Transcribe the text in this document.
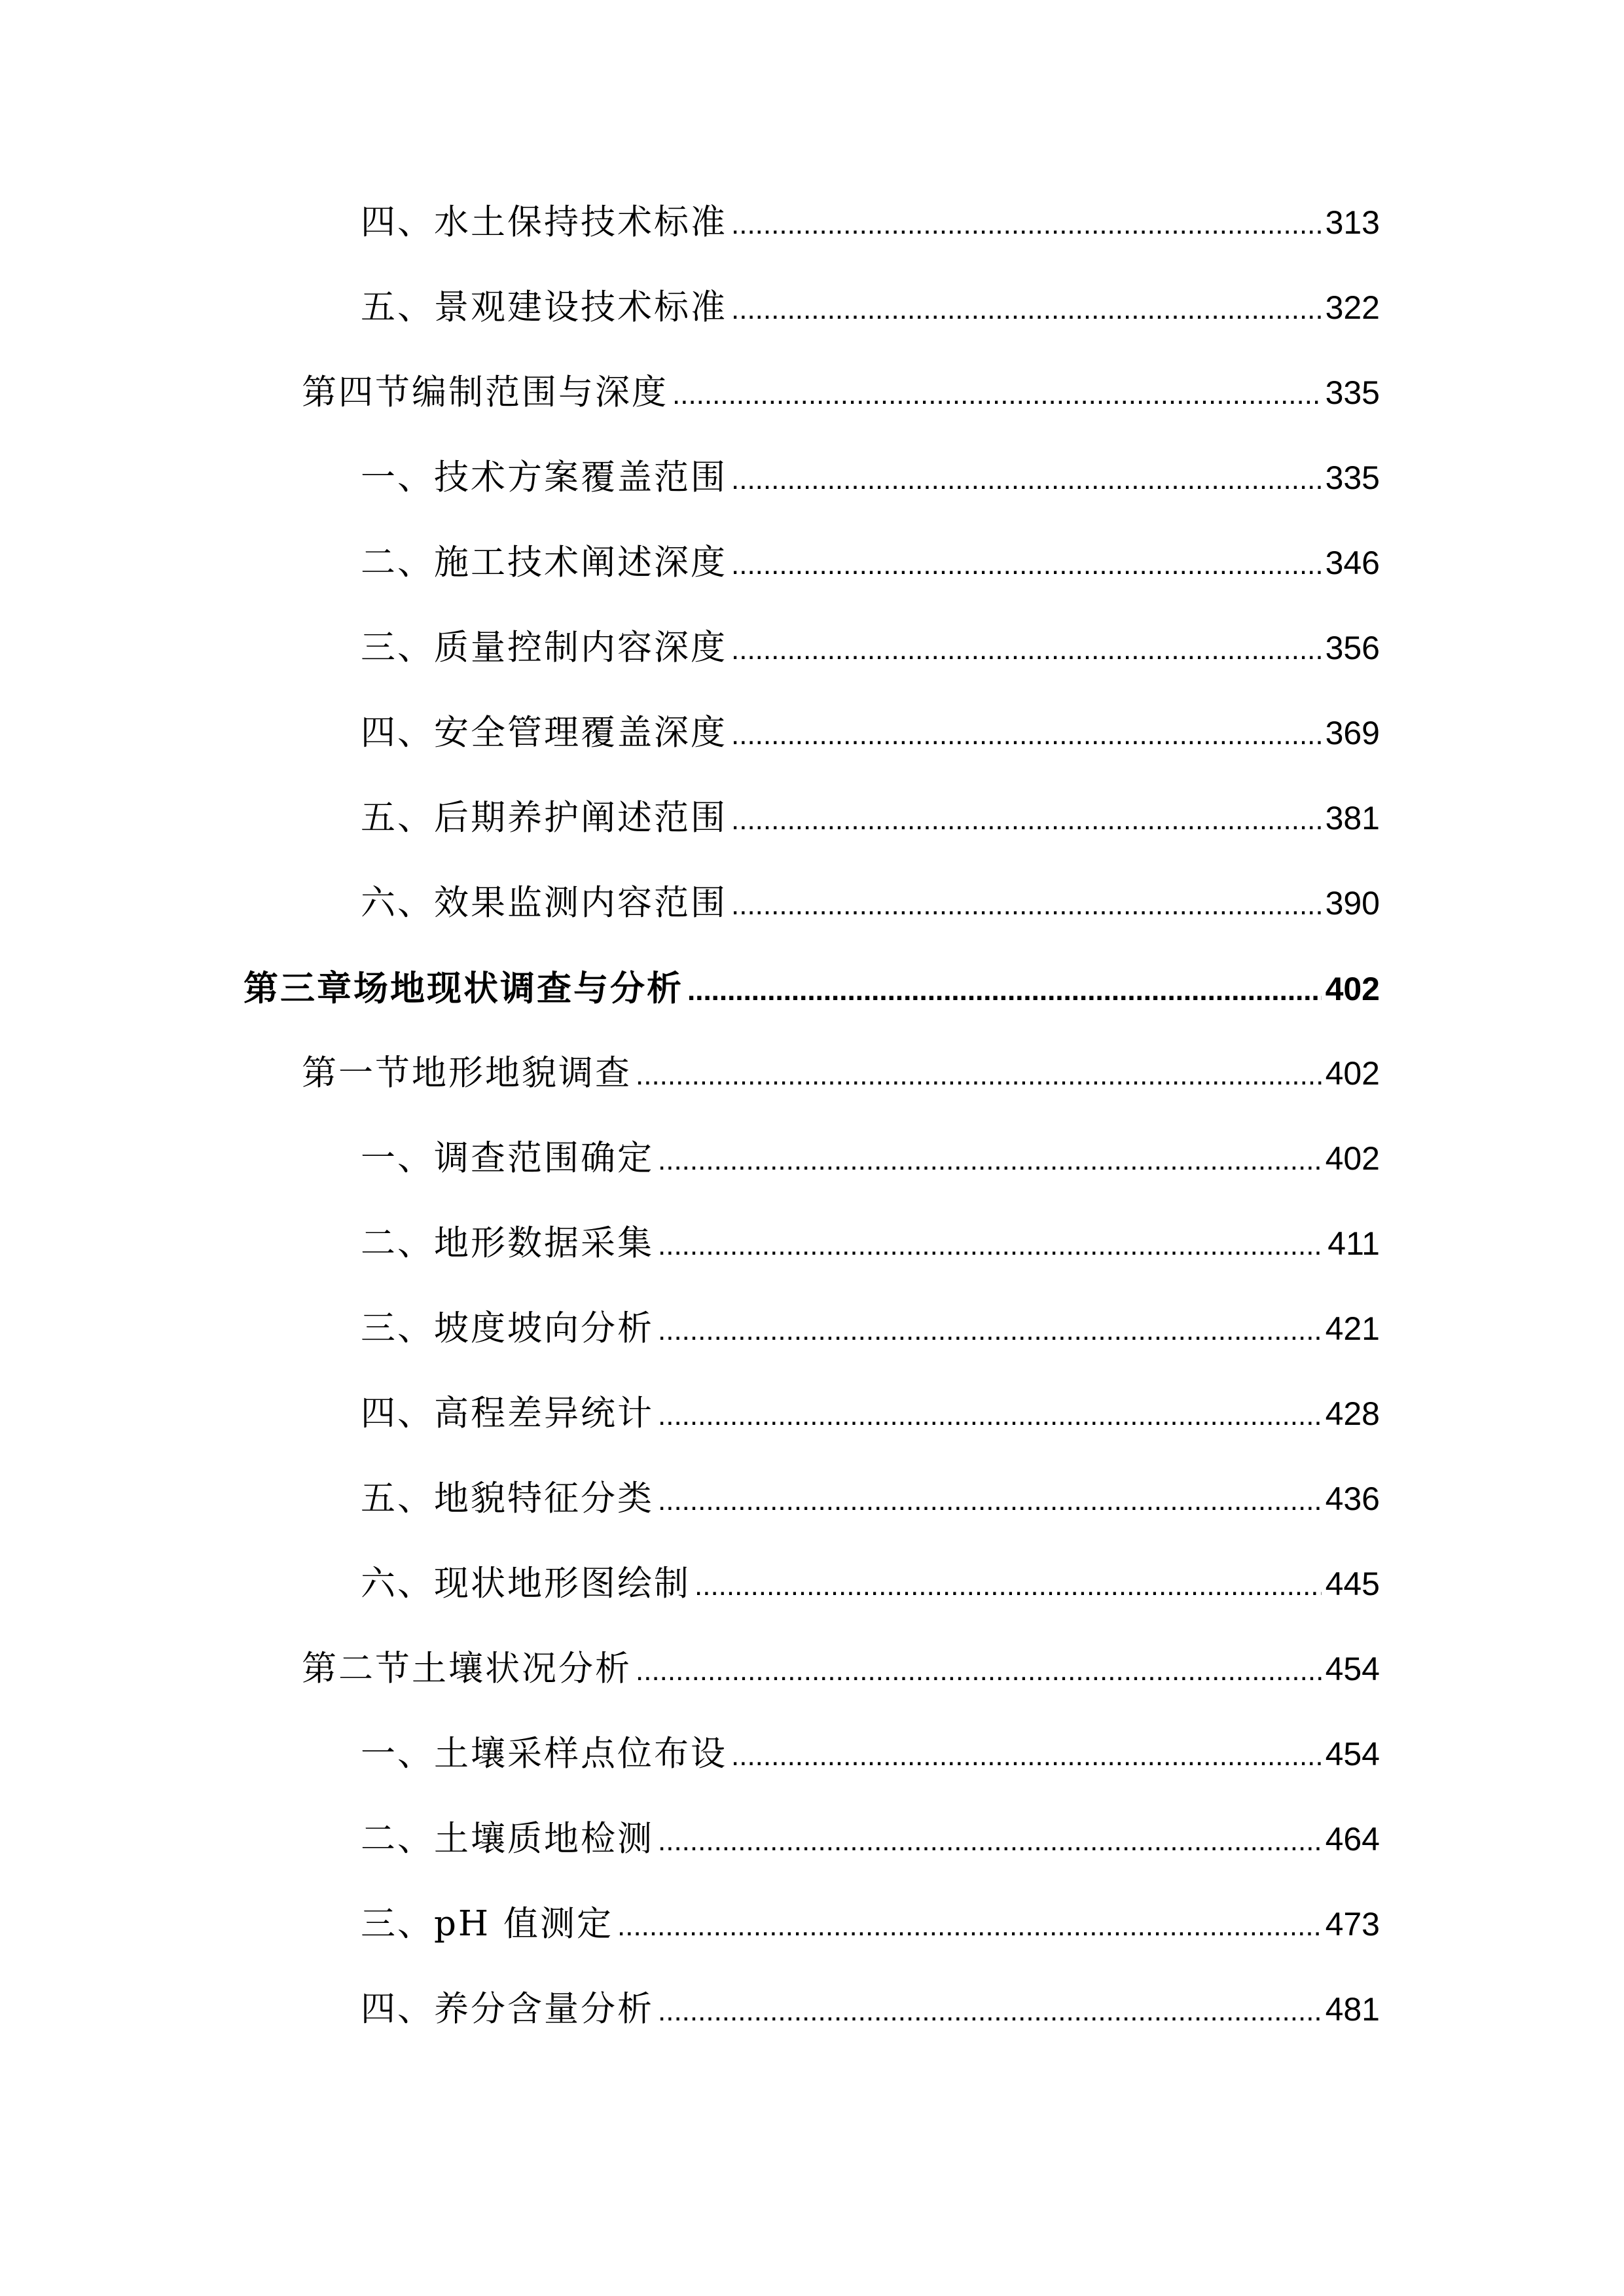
四、水土保持技术标准 .....	313
五、景观建设技术标准 .....	322
第四节编制范围与深度 .....	335
一、技术方案覆盖范围 .....	335
二、施工技术阐述深度 .....	346
三、质量控制内容深度 .....	356
四、安全管理覆盖深度 .....	369
五、后期养护阐述范围 .....	381
六、效果监测内容范围 .....	390
第三章场地现状调查与分析 .....	402
第一节地形地貌调查 .....	402
一、调查范围确定 .....	402
二、地形数据采集 .....	411
三、坡度坡向分析 .....	421
四、高程差异统计 .....	428
五、地貌特征分类 .....	436
六、现状地形图绘制 .....	445
第二节土壤状况分析 .....	454
一、土壤采样点位布设 .....	454
二、土壤质地检测 .....	464
三、pH 值测定 .....	473
四、养分含量分析 .....	481
